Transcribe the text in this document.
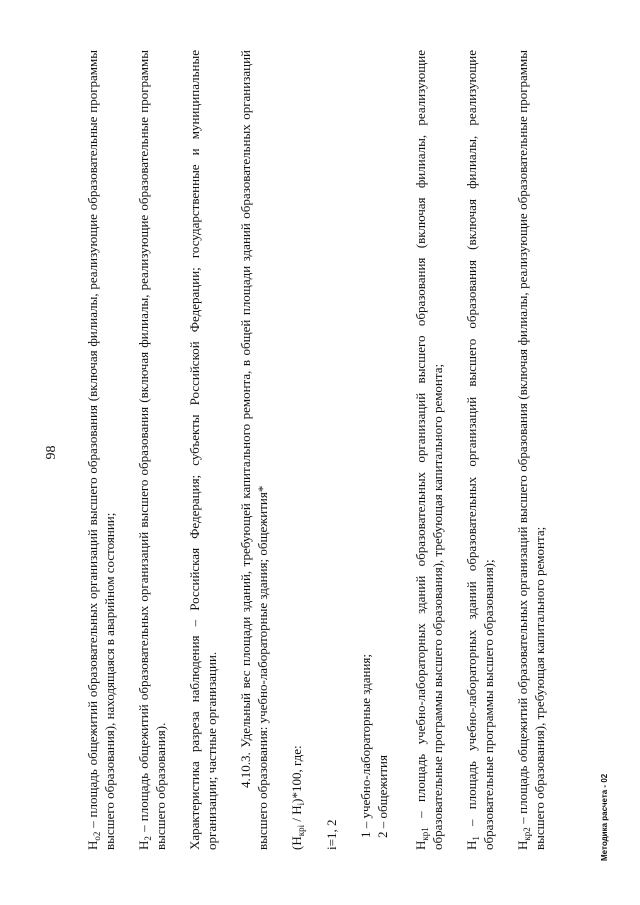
98

$Н_{о2}$ – площадь общежитий образовательных организаций высшего образования (включая филиалы, реализующие образовательные программы высшего образования), находящаяся в аварийном состоянии; $Н_2$ – площадь общежитий образовательных организаций высшего образования (включая филиалы, реализующие образовательные программы высшего образования). Характеристика разреза наблюдения – Российская Федерация; субъекты Российской Федерации; государственные и муниципальные организации; частные организации. 4.10.3. Удельный вес площади зданий, требующей капитального ремонта, в общей площади зданий образовательных организаций высшего образования: учебно-лабораторные здания; общежития* $(Н_{крi} / Н_i)*100$, где:

i=1, 2 1 – учебно-лабораторные здания; 2 – общежития

$Н_{кр1}$ – площадь учебно-лабораторных зданий образовательных организаций высшего образования (включая филиалы, реализующие образовательные программы высшего образования), требующая капитального ремонта; $Н_1$ – площадь учебно-лабораторных зданий образовательных организаций высшего образования (включая филиалы, реализующие образовательные программы высшего образования); $Н_{кр2}$ – площадь общежитий образовательных организаций высшего образования (включая филиалы, реализующие образовательные программы высшего образования), требующая капитального ремонта;	Методика расчета - 02
